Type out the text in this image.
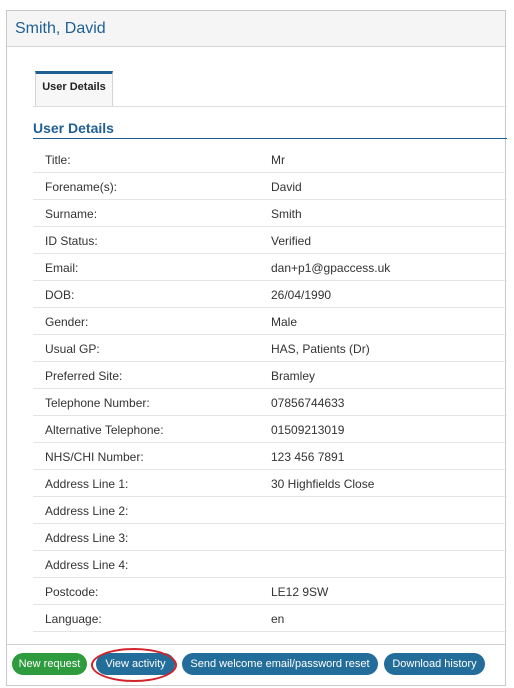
Smith, David
User Details
User Details
Title:	Mr
Forename(s):	David
Surname:	Smith
ID Status:	Verified
Email:	dan+p1@gpaccess.uk
DOB:	26/04/1990
Gender:	Male
Usual GP:	HAS, Patients (Dr)
Preferred Site:	Bramley
Telephone Number:	07856744633
Alternative Telephone:	01509213019
NHS/CHI Number:	123 456 7891
Address Line 1:	30 Highfields Close
Address Line 2:
Address Line 3:
Address Line 4:
Postcode:	LE12 9SW
Language:	en
New request	View activity	Send welcome email/password reset	Download history
